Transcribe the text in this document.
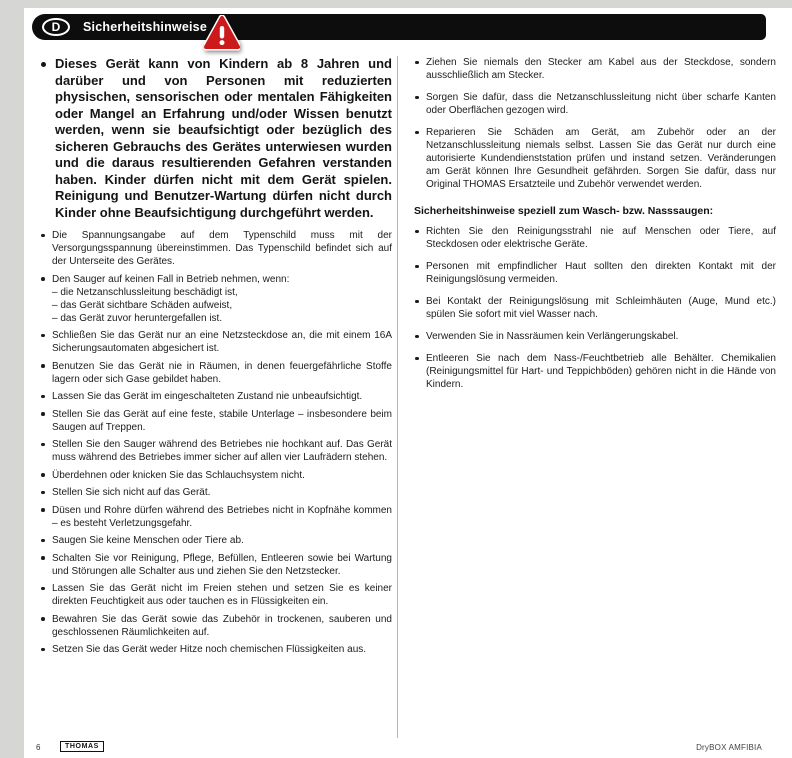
D	Sicherheitshinweise
Dieses Gerät kann von Kindern ab 8 Jahren und darüber und von Personen mit reduzierten physischen, sensorischen oder mentalen Fähigkeiten oder Mangel an Erfahrung und/oder Wissen benutzt werden, wenn sie beaufsichtigt oder bezüglich des sicheren Gebrauchs des Gerätes unterwiesen wurden und die daraus resultierenden Gefahren verstanden haben. Kinder dürfen nicht mit dem Gerät spielen. Reinigung und Benutzer-Wartung dürfen nicht durch Kinder ohne Beaufsichtigung durchgeführt werden.
Die Spannungsangabe auf dem Typenschild muss mit der Versorgungsspannung übereinstimmen. Das Typenschild befindet sich auf der Unterseite des Gerätes.
Den Sauger auf keinen Fall in Betrieb nehmen, wenn:
– die Netzanschlussleitung beschädigt ist,
– das Gerät sichtbare Schäden aufweist,
– das Gerät zuvor heruntergefallen ist.
Schließen Sie das Gerät nur an eine Netzsteckdose an, die mit einem 16A Sicherungsautomaten abgesichert ist.
Benutzen Sie das Gerät nie in Räumen, in denen feuergefährliche Stoffe lagern oder sich Gase gebildet haben.
Lassen Sie das Gerät im eingeschalteten Zustand nie unbeaufsichtigt.
Stellen Sie das Gerät auf eine feste, stabile Unterlage – insbesondere beim Saugen auf Treppen.
Stellen Sie den Sauger während des Betriebes nie hochkant auf. Das Gerät muss während des Betriebes immer sicher auf allen vier Laufrädern stehen.
Überdehnen oder knicken Sie das Schlauchsystem nicht.
Stellen Sie sich nicht auf das Gerät.
Düsen und Rohre dürfen während des Betriebes nicht in Kopfnähe kommen – es besteht Verletzungsgefahr.
Saugen Sie keine Menschen oder Tiere ab.
Schalten Sie vor Reinigung, Pflege, Befüllen, Entleeren sowie bei Wartung und Störungen alle Schalter aus und ziehen Sie den Netzstecker.
Lassen Sie das Gerät nicht im Freien stehen und setzen Sie es keiner direkten Feuchtigkeit aus oder tauchen es in Flüssigkeiten ein.
Bewahren Sie das Gerät sowie das Zubehör in trockenen, sauberen und geschlossenen Räumlichkeiten auf.
Setzen Sie das Gerät weder Hitze noch chemischen Flüssigkeiten aus.
Ziehen Sie niemals den Stecker am Kabel aus der Steckdose, sondern ausschließlich am Stecker.
Sorgen Sie dafür, dass die Netzanschlussleitung nicht über scharfe Kanten oder Oberflächen gezogen wird.
Reparieren Sie Schäden am Gerät, am Zubehör oder an der Netzanschlussleitung niemals selbst. Lassen Sie das Gerät nur durch eine autorisierte Kundendienststation prüfen und instand setzen. Veränderungen am Gerät können Ihre Gesundheit gefährden. Sorgen Sie dafür, dass nur Original THOMAS Ersatzteile und Zubehör verwendet werden.
Sicherheitshinweise speziell zum Wasch- bzw. Nasssaugen:
Richten Sie den Reinigungsstrahl nie auf Menschen oder Tiere, auf Steckdosen oder elektrische Geräte.
Personen mit empfindlicher Haut sollten den direkten Kontakt mit der Reinigungslösung vermeiden.
Bei Kontakt der Reinigungslösung mit Schleimhäuten (Auge, Mund etc.) spülen Sie sofort mit viel Wasser nach.
Verwenden Sie in Nassräumen kein Verlängerungskabel.
Entleeren Sie nach dem Nass-/Feuchtbetrieb alle Behälter. Chemikalien (Reinigungsmittel für Hart- und Teppichböden) gehören nicht in die Hände von Kindern.
6	THOMAS	DryBOX AMFIBIA
